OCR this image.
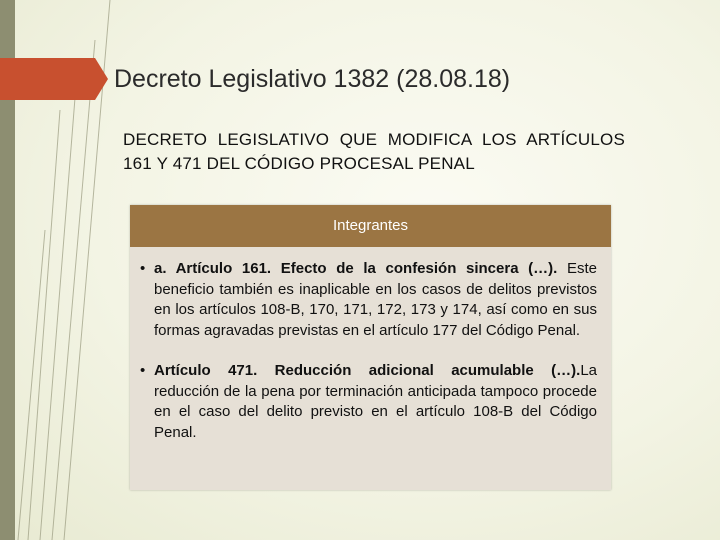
Decreto Legislativo 1382 (28.08.18)

DECRETO LEGISLATIVO QUE MODIFICA LOS ARTÍCULOS 161 Y 471 DEL CÓDIGO PROCESAL PENAL

Integrantes
• a. Artículo 161. Efecto de la confesión sincera (…). Este beneficio también es inaplicable en los casos de delitos previstos en los artículos 108-B, 170, 171, 172, 173 y 174, así como en sus formas agravadas previstas en el artículo 177 del Código Penal.
• Artículo 471. Reducción adicional acumulable (…).La reducción de la pena por terminación anticipada tampoco procede en el caso del delito previsto en el artículo 108-B del Código Penal.
